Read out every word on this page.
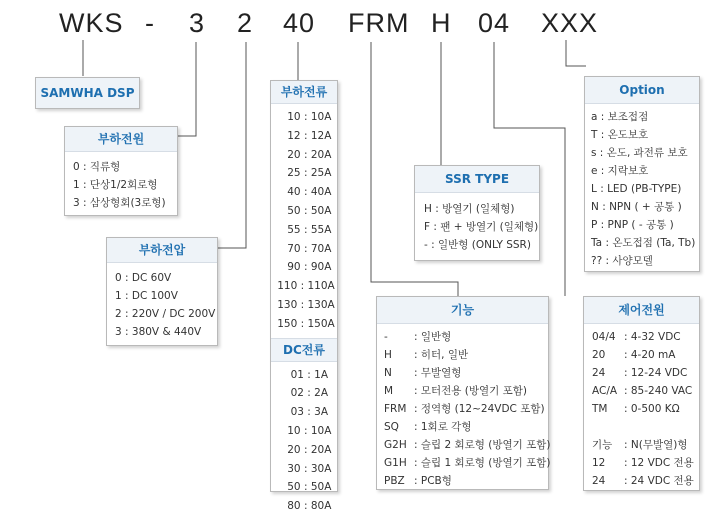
WKS - 3 2 40 FRM H 04 XXX
SAMWHA DSP
부하전원
0 : 직류형
1 : 단상1/2회로형
3 : 삼상형회(3로형)
부하전압
0 : DC 60V
1 : DC 100V
2 : 220V / DC 200V
3 : 380V & 440V
부하전류
10 : 10A
12 : 12A
20 : 20A
25 : 25A
40 : 40A
50 : 50A
55 : 55A
70 : 70A
90 : 90A
110 : 110A
130 : 130A
150 : 150A
DC전류
01 : 1A
02 : 2A
03 : 3A
10 : 10A
20 : 20A
30 : 30A
50 : 50A
80 : 80A
SSR TYPE
H : 방열기 (일체형)
F : 팬 + 방열기 (일체형)
- : 일반형 (ONLY SSR)
기능
- : 일반형
H : 히터, 일반
N : 무발열형
M : 모터전용 (방열기 포함)
FRM : 정역형 (12~24VDC 포함)
SQ : 1회로 각형
G2H : 슬립 2 회로형 (방열기 포함)
G1H : 슬립 1 회로형 (방열기 포함)
PBZ : PCB형
제어전원
04/4 : 4-32 VDC
20 : 4-20 mA
24 : 12-24 VDC
AC/A : 85-240 VAC
TM : 0-500 KΩ

기능 : N(무발열)형
12 : 12 VDC 전용
24 : 24 VDC 전용
Option
a : 보조접점
T : 온도보호
s : 온도, 과전류 보호
e : 지락보호
L : LED (PB-TYPE)
N : NPN ( + 공통 )
P : PNP ( - 공통 )
Ta : 온도접점 (Ta, Tb)
?? : 사양모델
